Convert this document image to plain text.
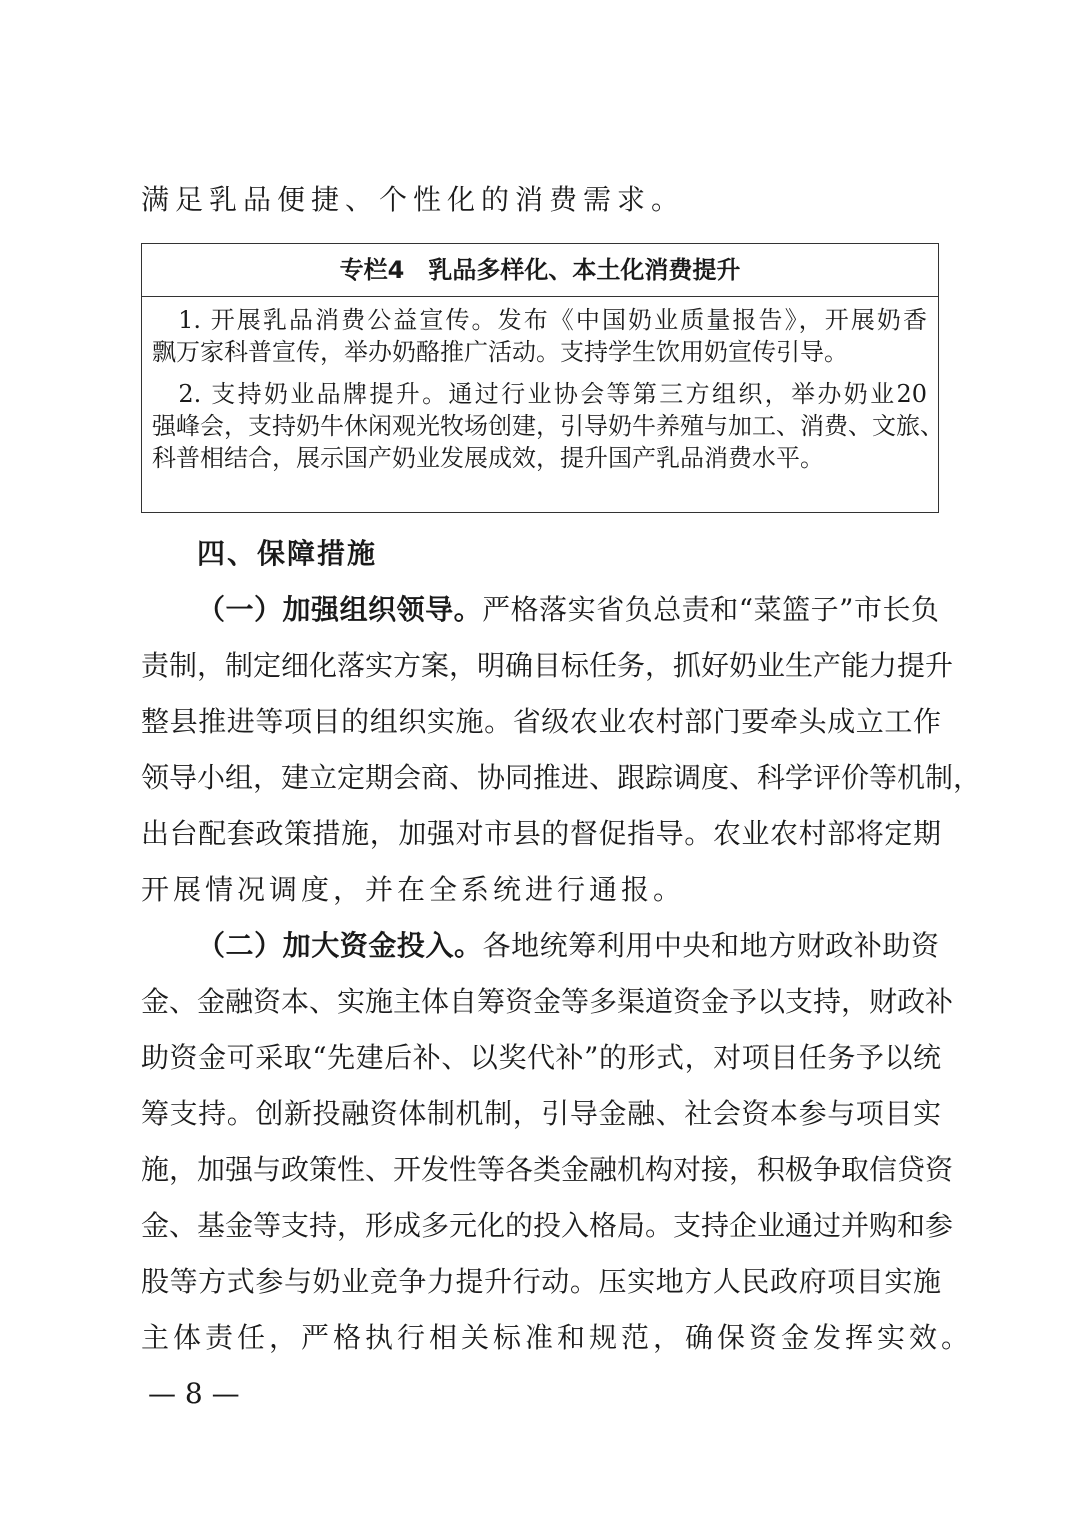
满足乳品便捷、个性化的消费需求。
专栏4　乳品多样化、本土化消费提升
　1. 开展乳品消费公益宣传。发布《中国奶业质量报告》，开展奶香
飘万家科普宣传，举办奶酪推广活动。支持学生饮用奶宣传引导。
　2. 支持奶业品牌提升。通过行业协会等第三方组织，举办奶业20
强峰会，支持奶牛休闲观光牧场创建，引导奶牛养殖与加工、消费、文旅、
科普相结合，展示国产奶业发展成效，提升国产乳品消费水平。
四、保障措施
（一）加强组织领导。严格落实省负总责和“菜篮子”市长负
责制，制定细化落实方案，明确目标任务，抓好奶业生产能力提升
整县推进等项目的组织实施。省级农业农村部门要牵头成立工作
领导小组，建立定期会商、协同推进、跟踪调度、科学评价等机制，
出台配套政策措施，加强对市县的督促指导。农业农村部将定期
开展情况调度，并在全系统进行通报。
（二）加大资金投入。各地统筹利用中央和地方财政补助资
金、金融资本、实施主体自筹资金等多渠道资金予以支持，财政补
助资金可采取“先建后补、以奖代补”的形式，对项目任务予以统
筹支持。创新投融资体制机制，引导金融、社会资本参与项目实
施，加强与政策性、开发性等各类金融机构对接，积极争取信贷资
金、基金等支持，形成多元化的投入格局。支持企业通过并购和参
股等方式参与奶业竞争力提升行动。压实地方人民政府项目实施
主体责任，严格执行相关标准和规范，确保资金发挥实效。
— 8 —
